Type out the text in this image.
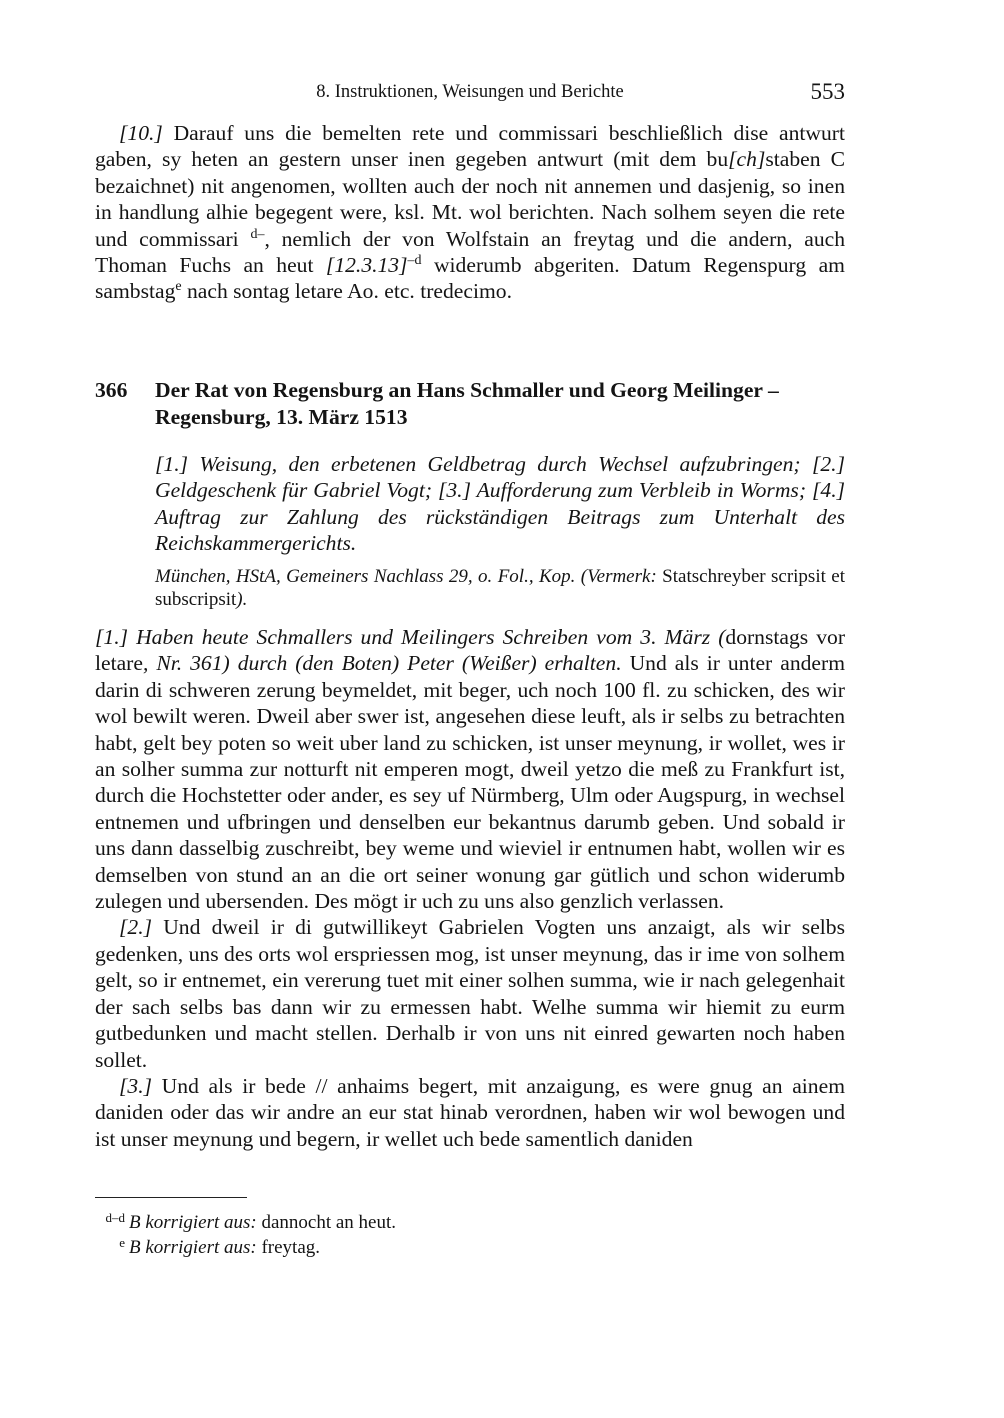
8. Instruktionen, Weisungen und Berichte	553

[10.] Darauf uns die bemelten rete und commissari beschließlich dise antwurt gaben, sy heten an gestern unser inen gegeben antwurt (mit dem bu[ch]staben C bezaichnet) nit angenomen, wollten auch der noch nit annemen und dasjenig, so inen in handlung alhie begegent were, ksl. Mt. wol berichten. Nach solhem seyen die rete und commissari $^{d-}$, nemlich der von Wolfstain an freytag und die andern, auch Thoman Fuchs an heut $[12.3.13]^{-d}$ widerumb abgeriten. Datum Regenspurg am sambstag$^e$ nach sontag letare Ao. etc. tredecimo.

366 Der Rat von Regensburg an Hans Schmaller und Georg Meilinger – Regensburg, 13. März 1513
[1.] Weisung, den erbetenen Geldbetrag durch Wechsel aufzubringen; [2.] Geldgeschenk für Gabriel Vogt; [3.] Aufforderung zum Verbleib in Worms; [4.] Auftrag zur Zahlung des rückständigen Beitrags zum Unterhalt des Reichskammergerichts.
München, HStA, Gemeiners Nachlass 29, o. Fol., Kop. (Vermerk: Statschreyber scripsit et subscripsit).

[1.] Haben heute Schmallers und Meilingers Schreiben vom 3. März (dornstags vor letare, Nr. 361) durch (den Boten) Peter (Weißer) erhalten. Und als ir unter anderm darin di schweren zerung beymeldet, mit beger, uch noch 100 fl. zu schicken, des wir wol bewilt weren. Dweil aber swer ist, angesehen diese leuft, als ir selbs zu betrachten habt, gelt bey poten so weit uber land zu schicken, ist unser meynung, ir wollet, wes ir an solher summa zur notturft nit emperen mogt, dweil yetzo die meß zu Frankfurt ist, durch die Hochstetter oder ander, es sey uf Nürmberg, Ulm oder Augspurg, in wechsel entnemen und ufbringen und denselben eur bekantnus darumb geben. Und sobald ir uns dann dasselbig zuschreibt, bey weme und wieviel ir entnumen habt, wollen wir es demselben von stund an an die ort seiner wonung gar gütlich und schon widerumb zulegen und ubersenden. Des mögt ir uch zu uns also genzlich verlassen.

[2.] Und dweil ir di gutwillikeyt Gabrielen Vogten uns anzaigt, als wir selbs gedenken, uns des orts wol erspriessen mog, ist unser meynung, das ir ime von solhem gelt, so ir entnemet, ein vererung tuet mit einer solhen summa, wie ir nach gelegenhait der sach selbs bas dann wir zu ermessen habt. Welhe summa wir hiemit zu eurm gutbedunken und macht stellen. Derhalb ir von uns nit einred gewarten noch haben sollet.

[3.] Und als ir bede // anhaims begert, mit anzaigung, es were gnug an ainem daniden oder das wir andre an eur stat hinab verordnen, haben wir wol bewogen und ist unser meynung und begern, ir wellet uch bede samentlich daniden

d–d B korrigiert aus: dannocht an heut.
e B korrigiert aus: freytag.
